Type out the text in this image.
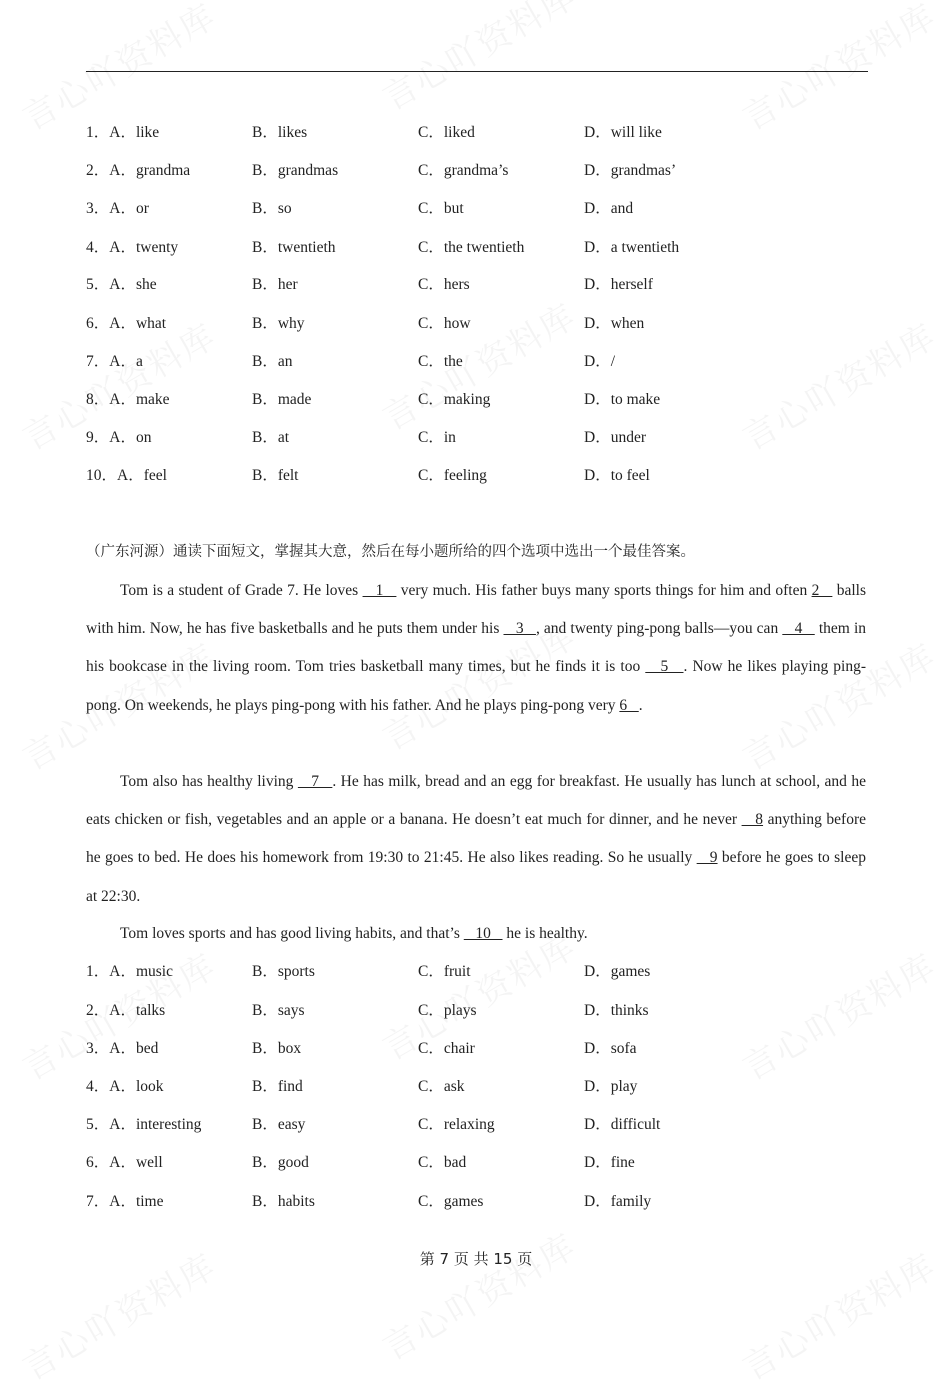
1．A．like	B．likes	C．liked	D．will like
2．A．grandma	B．grandmas	C．grandma’s	D．grandmas’
3．A．or	B．so	C．but	D．and
4．A．twenty	B．twentieth	C．the twentieth	D．a twentieth
5．A．she	B．her	C．hers	D．herself
6．A．what	B．why	C．how	D．when
7．A．a	B．an	C．the	D．/
8．A．make	B．made	C．making	D．to make
9．A．on	B．at	C．in	D．under
10．A．feel	B．felt	C．feeling	D．to feel
（广东河源）通读下面短文，掌握其大意，然后在每小题所给的四个选项中选出一个最佳答案。
Tom is a student of Grade 7. He loves    1    very much. His father buys many sports things for him and often 2    balls with him. Now, he has five basketballs and he puts them under his    3   , and twenty ping-pong balls—you can    4    them in his bookcase in the living room. Tom tries basketball many times, but he finds it is too    5   . Now he likes playing ping-pong. On weekends, he plays ping-pong with his father. And he plays ping-pong very 6   .
Tom also has healthy living    7   . He has milk, bread and an egg for breakfast. He usually has lunch at school, and he eats chicken or fish, vegetables and an apple or a banana. He doesn’t eat much for dinner, and he never    8 anything before he goes to bed. He does his homework from 19:30 to 21:45. He also likes reading. So he usually    9 before he goes to sleep at 22:30.
Tom loves sports and has good living habits, and that’s    10    he is healthy.
1．A．music	B．sports	C．fruit	D．games
2．A．talks	B．says	C．plays	D．thinks
3．A．bed	B．box	C．chair	D．sofa
4．A．look	B．find	C．ask	D．play
5．A．interesting	B．easy	C．relaxing	D．difficult
6．A．well	B．good	C．bad	D．fine
7．A．time	B．habits	C．games	D．family
第 7 页 共 15 页
